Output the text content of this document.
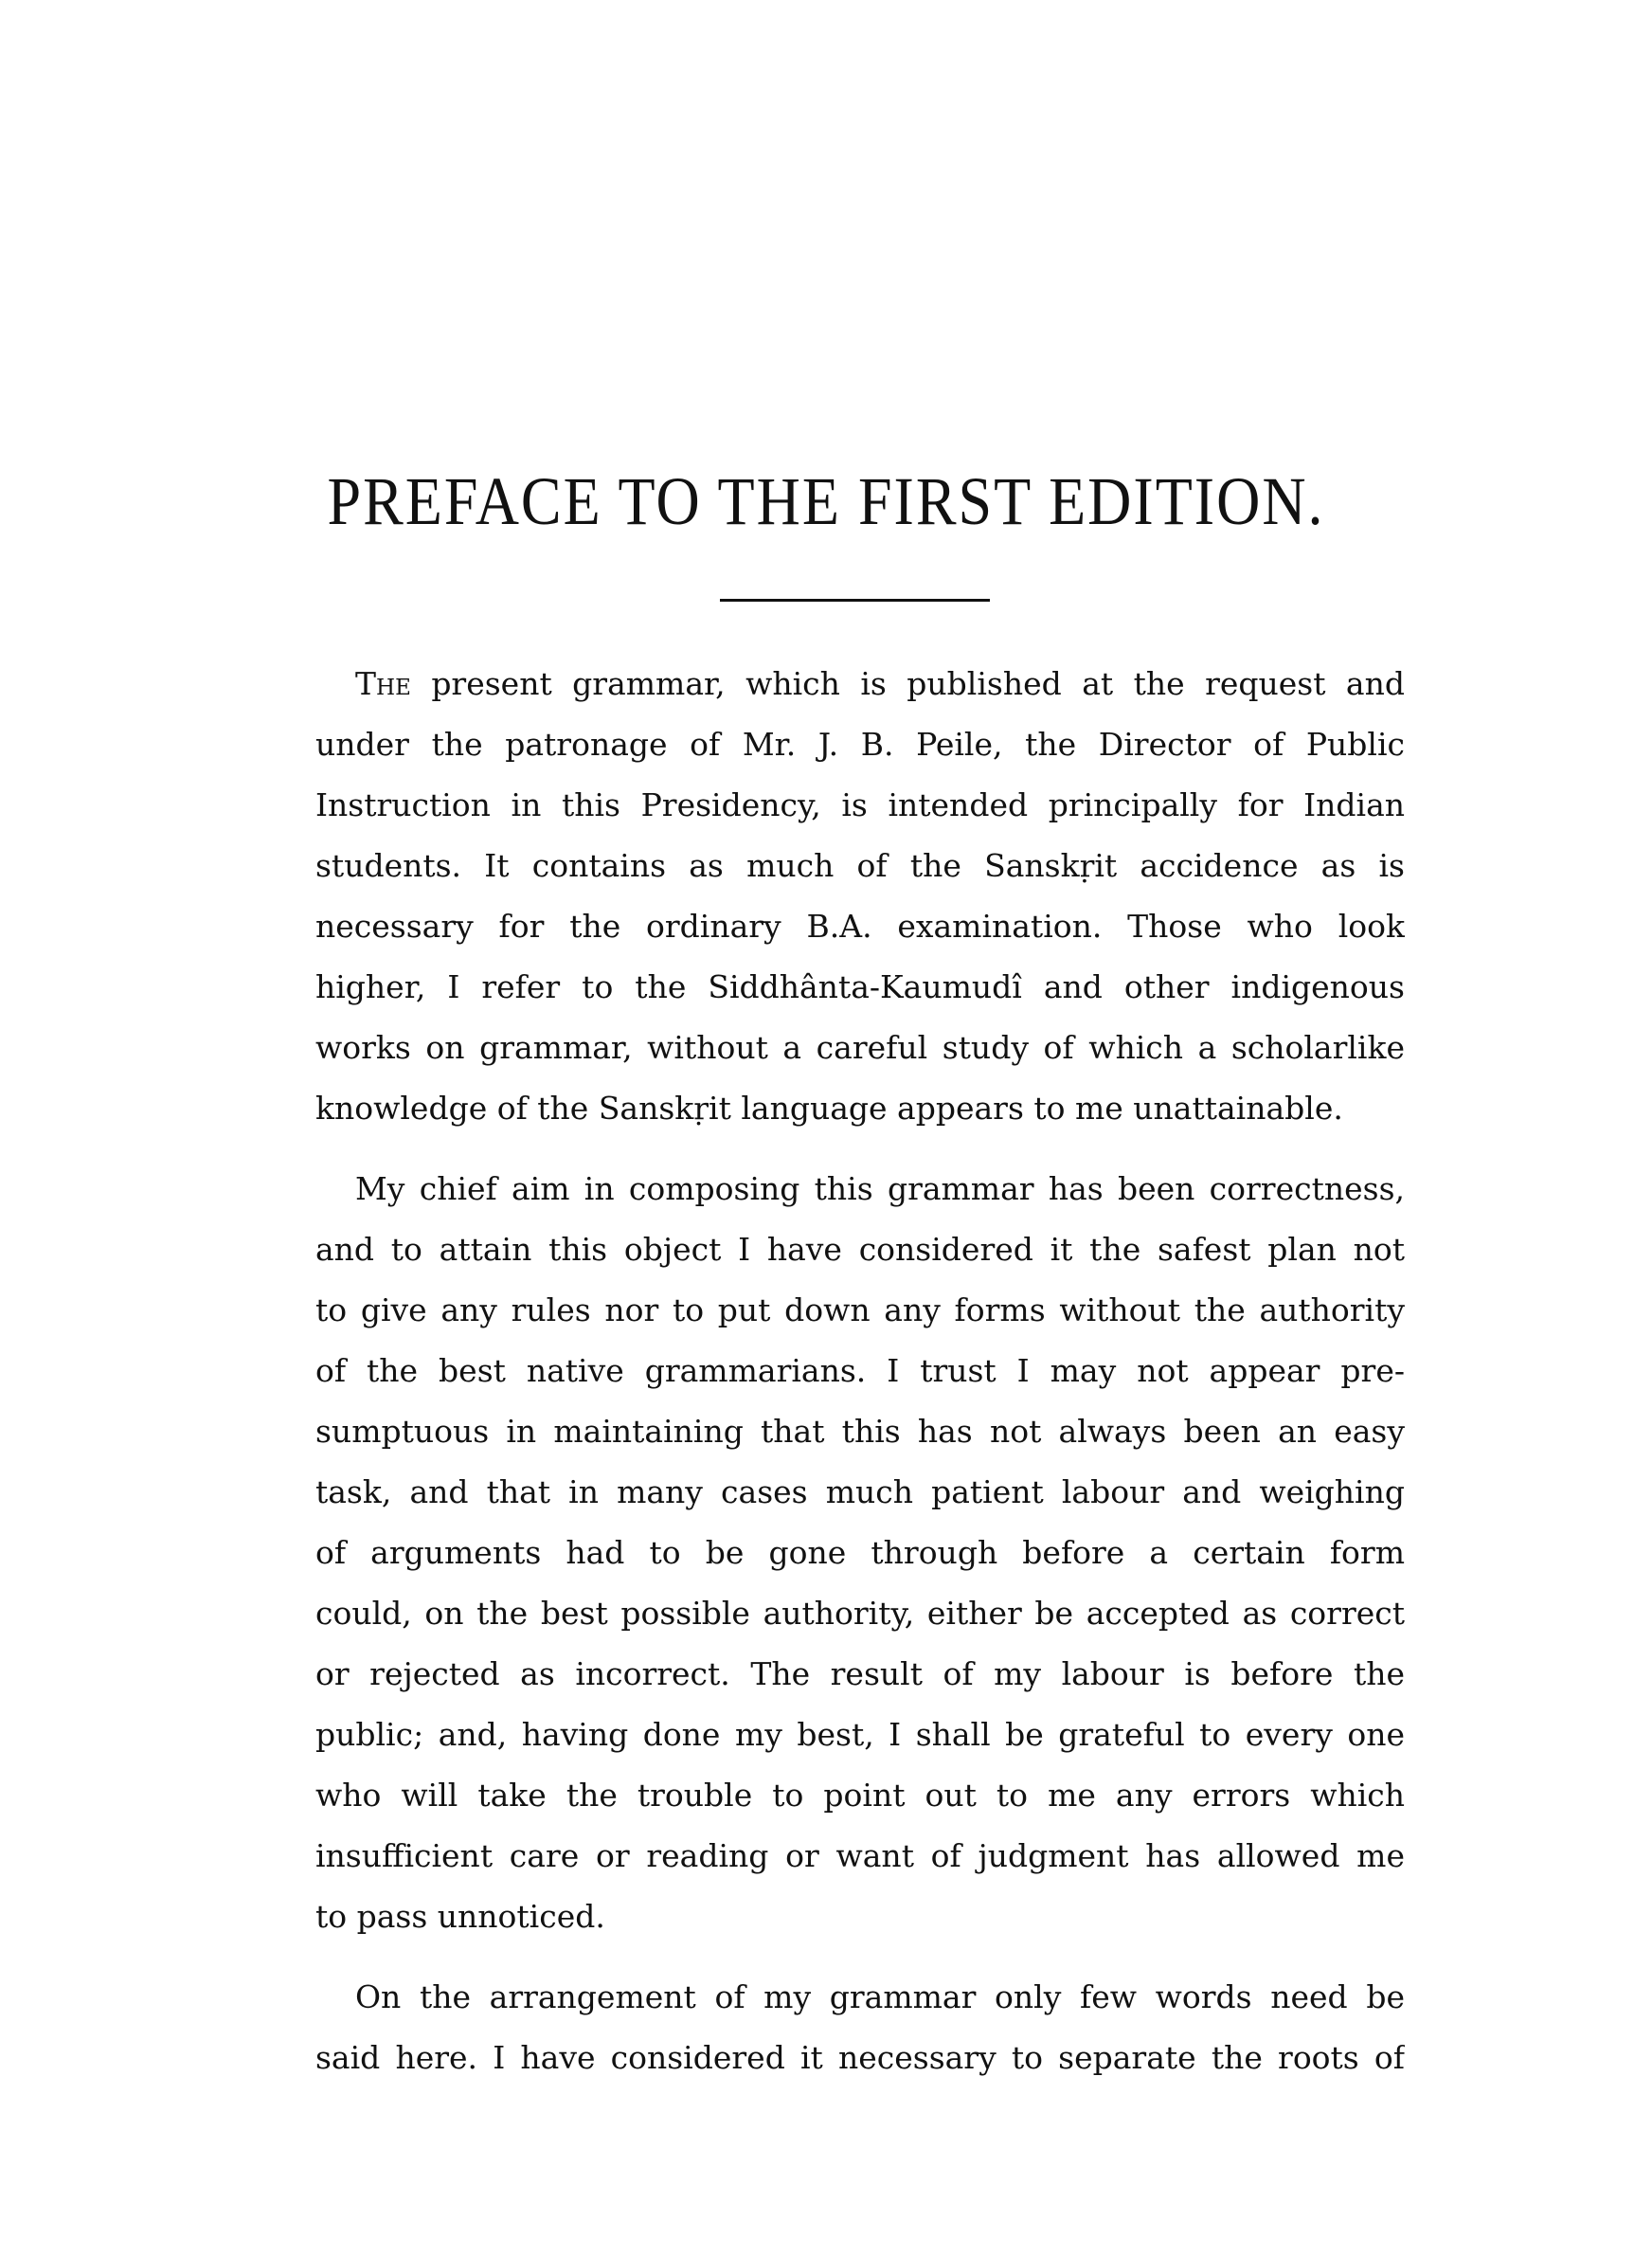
PREFACE TO THE FIRST EDITION.
The present grammar, which is published at the request and
under the patronage of Mr. J. B. Peile, the Director of Public
Instruction in this Presidency, is intended principally for Indian
students. It contains as much of the Sanskṛit accidence as is
necessary for the ordinary B.A. examination. Those who look
higher, I refer to the Siddhânta-Kaumudî and other indigenous
works on grammar, without a careful study of which a scholarlike
knowledge of the Sanskṛit language appears to me unattainable.
My chief aim in composing this grammar has been correctness,
and to attain this object I have considered it the safest plan not
to give any rules nor to put down any forms without the authority
of the best native grammarians. I trust I may not appear pre-
sumptuous in maintaining that this has not always been an easy
task, and that in many cases much patient labour and weighing
of arguments had to be gone through before a certain form
could, on the best possible authority, either be accepted as correct
or rejected as incorrect. The result of my labour is before the
public; and, having done my best, I shall be grateful to every one
who will take the trouble to point out to me any errors which
insufficient care or reading or want of judgment has allowed me
to pass unnoticed.
On the arrangement of my grammar only few words need be
said here. I have considered it necessary to separate the roots of
